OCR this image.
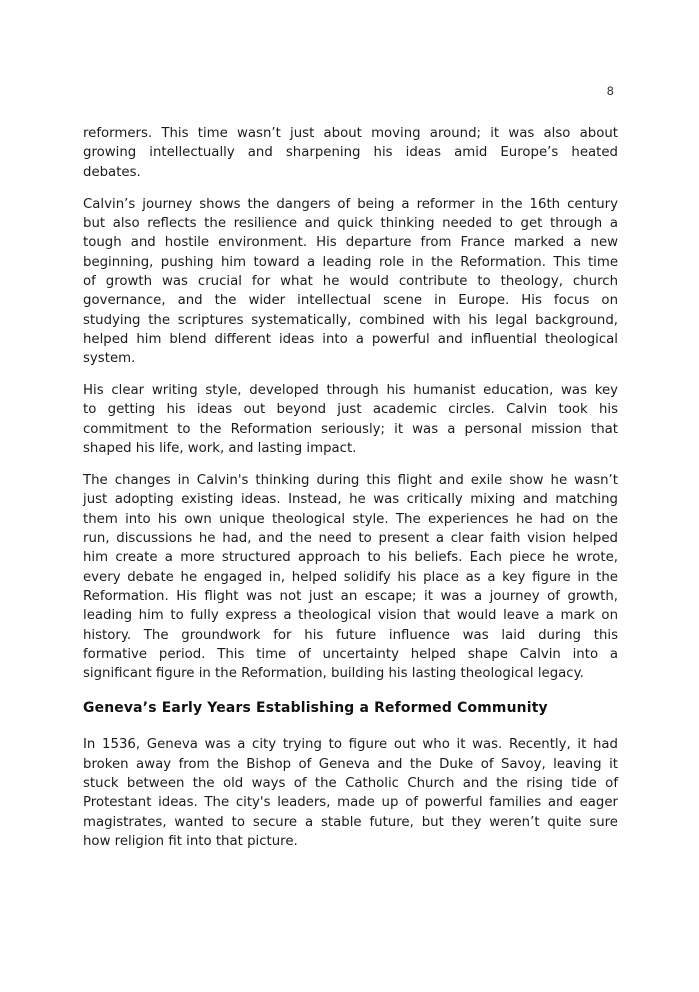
8

reformers. This time wasn’t just about moving around; it was also about
growing intellectually and sharpening his ideas amid Europe’s heated
debates.

Calvin’s journey shows the dangers of being a reformer in the 16th century
but also reflects the resilience and quick thinking needed to get through a
tough and hostile environment. His departure from France marked a new
beginning, pushing him toward a leading role in the Reformation. This time
of growth was crucial for what he would contribute to theology, church
governance, and the wider intellectual scene in Europe. His focus on
studying the scriptures systematically, combined with his legal background,
helped him blend different ideas into a powerful and influential theological
system.

His clear writing style, developed through his humanist education, was key
to getting his ideas out beyond just academic circles. Calvin took his
commitment to the Reformation seriously; it was a personal mission that
shaped his life, work, and lasting impact.

The changes in Calvin's thinking during this flight and exile show he wasn’t
just adopting existing ideas. Instead, he was critically mixing and matching
them into his own unique theological style. The experiences he had on the
run, discussions he had, and the need to present a clear faith vision helped
him create a more structured approach to his beliefs. Each piece he wrote,
every debate he engaged in, helped solidify his place as a key figure in the
Reformation. His flight was not just an escape; it was a journey of growth,
leading him to fully express a theological vision that would leave a mark on
history. The groundwork for his future influence was laid during this
formative period. This time of uncertainty helped shape Calvin into a
significant figure in the Reformation, building his lasting theological legacy.

Geneva’s Early Years Establishing a Reformed Community

In 1536, Geneva was a city trying to figure out who it was. Recently, it had
broken away from the Bishop of Geneva and the Duke of Savoy, leaving it
stuck between the old ways of the Catholic Church and the rising tide of
Protestant ideas. The city's leaders, made up of powerful families and eager
magistrates, wanted to secure a stable future, but they weren’t quite sure
how religion fit into that picture.
